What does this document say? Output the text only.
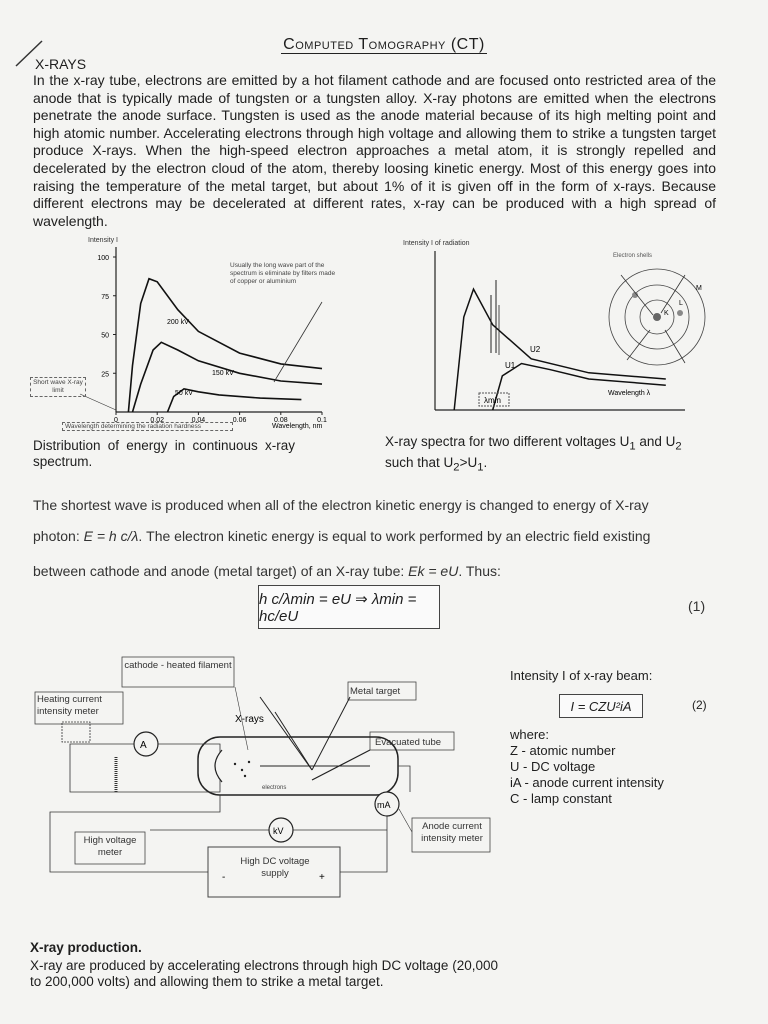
Computed Tomography (CT)
X-RAYS
In the x-ray tube, electrons are emitted by a hot filament cathode and are focused onto restricted area of the anode that is typically made of tungsten or a tungsten alloy. X-ray photons are emitted when the electrons penetrate the anode surface. Tungsten is used as the anode material because of its high melting point and high atomic number. Accelerating electrons through high voltage and allowing them to strike a tungsten target produce X-rays. When the high-speed electron approaches a metal atom, it is strongly repelled and decelerated by the electron cloud of the atom, thereby loosing kinetic energy. Most of this energy goes into raising the temperature of the metal target, but about 1% of it is given off in the form of x-rays. Because different electrons may be decelerated at different rates, x-ray can be produced with a high spread of wavelength.
Intensity I
100
75
50
25
0	0.02	0.04	0.06	0.08	0.1
200 kV
150 kV
50 kV
Wavelength, nm
Usually the long wave part of the spectrum is eliminate by filters made of copper or aluminium
Short wave X-ray limit
Wavelength determining the radiation hardness
Intensity I of radiation
U2
U1
λmin
Wavelength λ
Electron shells
L
K
M
Distribution of energy in continuous x-ray spectrum.
X-ray spectra for two different voltages $U_1$ and $U_2$
such that $U_2>U_1$.
The shortest wave is produced when all of the electron kinetic energy is changed to energy of X-ray
photon: E = h c/λ. The electron kinetic energy is equal to work performed by an electric field existing
between cathode and anode (metal target) of an X-ray tube: Ek = eU. Thus:
h c/λmin = eU ⇒ λmin = hc/eU
(1)
A
mA
kV
X-rays
electrons
-	+
cathode - heated filament
Heating current intensity meter
Metal target
Evacuated tube
Anode current intensity meter
High voltage meter
High DC voltage supply
Intensity I of x-ray beam:
I = CZU²iA	(2)
where:
Z - atomic number
U - DC voltage
iA - anode current intensity
C - lamp constant
X-ray production.
X-ray are produced by accelerating electrons through high DC voltage (20,000 to 200,000 volts) and allowing them to strike a metal target.
